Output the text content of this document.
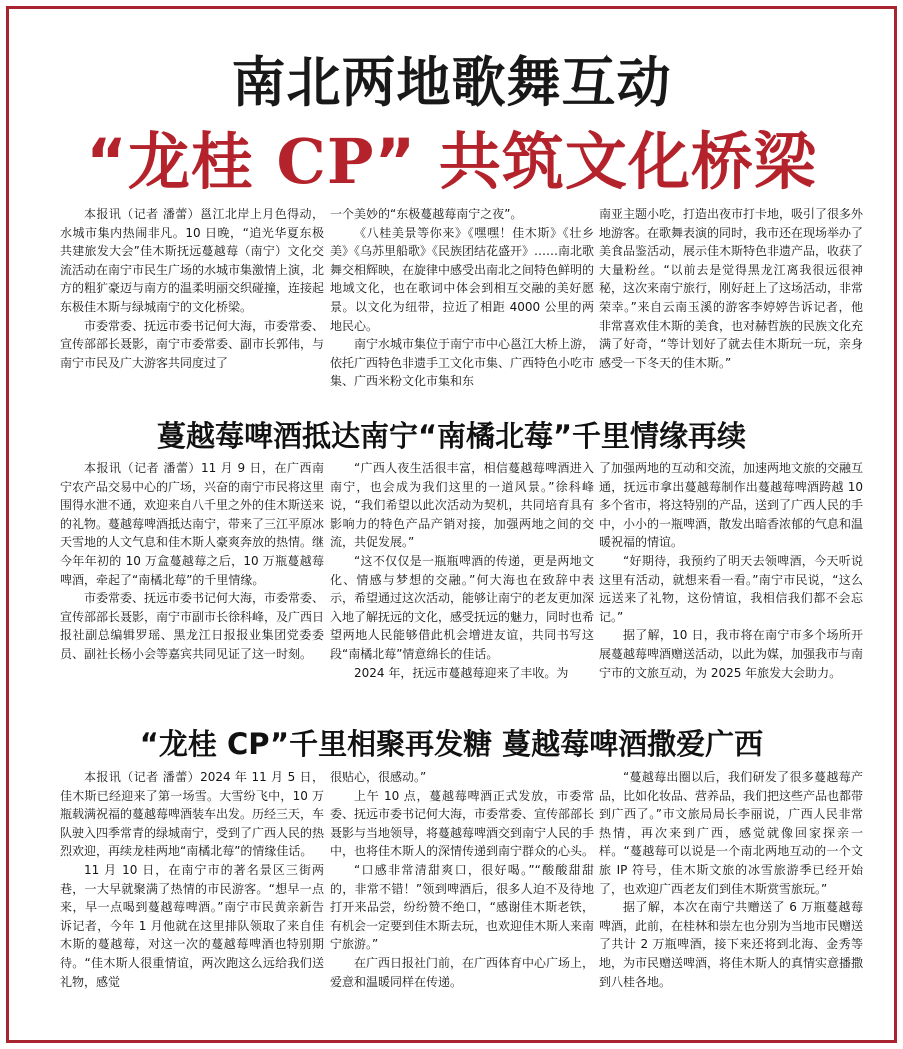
南北两地歌舞互动
“龙桂 CP” 共筑文化桥梁

本报讯（记者 潘蕾）邕江北岸上月色得动，水城市集内热闹非凡。10 日晚，“追光华夏东极 共建旅发大会”佳木斯抚远蔓越莓（南宁）文化交流活动在南宁市民生广场的水城市集激情上演，北方的粗犷豪迈与南方的温柔明丽交织碰撞，连接起东极佳木斯与绿城南宁的文化桥梁。

市委常委、抚远市委书记何大海，市委常委、宣传部部长聂影，南宁市委常委、副市长郭伟，与南宁市民及广大游客共同度过了

一个美妙的“东极蔓越莓南宁之夜”。

《八桂美景等你来》《嘿嘿！佳木斯》《壮乡美》《乌苏里船歌》《民族团结花盛开》……南北歌舞交相辉映，在旋律中感受出南北之间特色鲜明的地域文化，也在歌词中体会到相互交融的美好愿景。以文化为纽带，拉近了相距 4000 公里的两地民心。

南宁水城市集位于南宁市中心邕江大桥上游，依托广西特色非遗手工文化市集、广西特色小吃市集、广西米粉文化市集和东

南亚主题小吃，打造出夜市打卡地，吸引了很多外地游客。在歌舞表演的同时，我市还在现场举办了美食品鉴活动，展示佳木斯特色非遗产品，收获了大量粉丝。“以前去是觉得黑龙江离我很远很神秘，这次来南宁旅行，刚好赶上了这场活动，非常荣幸。”来自云南玉溪的游客李婷婷告诉记者，他非常喜欢佳木斯的美食，也对赫哲族的民族文化充满了好奇，“等计划好了就去佳木斯玩一玩，亲身感受一下冬天的佳木斯。”

蔓越莓啤酒抵达南宁“南橘北莓”千里情缘再续

本报讯（记者 潘蕾）11 月 9 日，在广西南宁农产品交易中心的广场，兴奋的南宁市民将这里围得水泄不通，欢迎来自八千里之外的佳木斯送来的礼物。蔓越莓啤酒抵达南宁，带来了三江平原冰天雪地的人文气息和佳木斯人豪爽奔放的热情。继今年年初的 10 万盒蔓越莓之后，10 万瓶蔓越莓啤酒，牵起了“南橘北莓”的千里情缘。

市委常委、抚远市委书记何大海，市委常委、宣传部部长聂影，南宁市副市长徐科峰，及广西日报社副总编辑罗瑶、黑龙江日报报业集团党委委员、副社长杨小会等嘉宾共同见证了这一时刻。

“广西人夜生活很丰富，相信蔓越莓啤酒进入南宁，也会成为我们这里的一道风景。”徐科峰说，“我们希望以此次活动为契机，共同培育具有影响力的特色产品产销对接，加强两地之间的交流，共促发展。”

“这不仅仅是一瓶瓶啤酒的传递，更是两地文化、情感与梦想的交融。”何大海也在致辞中表示，希望通过这次活动，能够让南宁的老友更加深入地了解抚远的文化，感受抚远的魅力，同时也希望两地人民能够借此机会增进友谊，共同书写这段“南橘北莓”情意绵长的佳话。

2024 年，抚远市蔓越莓迎来了丰收。为

了加强两地的互动和交流，加速两地文旅的交融互通，抚远市拿出蔓越莓制作出蔓越莓啤酒跨越 10 多个省市，将这特别的产品，送到了广西人民的手中，小小的一瓶啤酒，散发出暗香浓郁的气息和温暖祝福的情谊。

“好期待，我预约了明天去领啤酒，今天听说这里有活动，就想来看一看。”南宁市民说，“这么远送来了礼物，这份情谊，我相信我们都不会忘记。”

据了解，10 日，我市将在南宁市多个场所开展蔓越莓啤酒赠送活动，以此为媒，加强我市与南宁市的文旅互动，为 2025 年旅发大会助力。

“龙桂 CP”千里相聚再发糖 蔓越莓啤酒撒爱广西

本报讯（记者 潘蕾）2024 年 11 月 5 日，佳木斯已经迎来了第一场雪。大雪纷飞中，10 万瓶载满祝福的蔓越莓啤酒装车出发。历经三天，车队驶入四季常青的绿城南宁，受到了广西人民的热烈欢迎，再续龙桂两地“南橘北莓”的情缘佳话。

11 月 10 日，在南宁市的著名景区三街两巷，一大早就聚满了热情的市民游客。“想早一点来，早一点喝到蔓越莓啤酒。”南宁市民黄亲新告诉记者，今年 1 月他就在这里排队领取了来自佳木斯的蔓越莓，对这一次的蔓越莓啤酒也特别期待。“佳木斯人很重情谊，两次跑这么远给我们送礼物，感觉

很贴心，很感动。”

上午 10 点，蔓越莓啤酒正式发放，市委常委、抚远市委书记何大海，市委常委、宣传部部长聂影与当地领导，将蔓越莓啤酒交到南宁人民的手中，也将佳木斯人的深情传递到南宁群众的心头。

“口感非常清甜爽口，很好喝。”“酸酸甜甜的，非常不错！”领到啤酒后，很多人迫不及待地打开来品尝，纷纷赞不绝口，“感谢佳木斯老铁，有机会一定要到佳木斯去玩，也欢迎佳木斯人来南宁旅游。”

在广西日报社门前，在广西体育中心广场上，爱意和温暖同样在传递。

“蔓越莓出圈以后，我们研发了很多蔓越莓产品，比如化妆品、营养品，我们把这些产品也都带到广西了。”市文旅局局长李丽说，广西人民非常热情，再次来到广西，感觉就像回家探亲一样。“蔓越莓可以说是一个南北两地互动的一个文旅 IP 符号，佳木斯文旅的冰雪旅游季已经开始了，也欢迎广西老友们到佳木斯赏雪旅玩。”

据了解，本次在南宁共赠送了 6 万瓶蔓越莓啤酒，此前，在桂林和崇左也分别为当地市民赠送了共计 2 万瓶啤酒，接下来还将到北海、金秀等地，为市民赠送啤酒，将佳木斯人的真情实意播撒到八桂各地。
